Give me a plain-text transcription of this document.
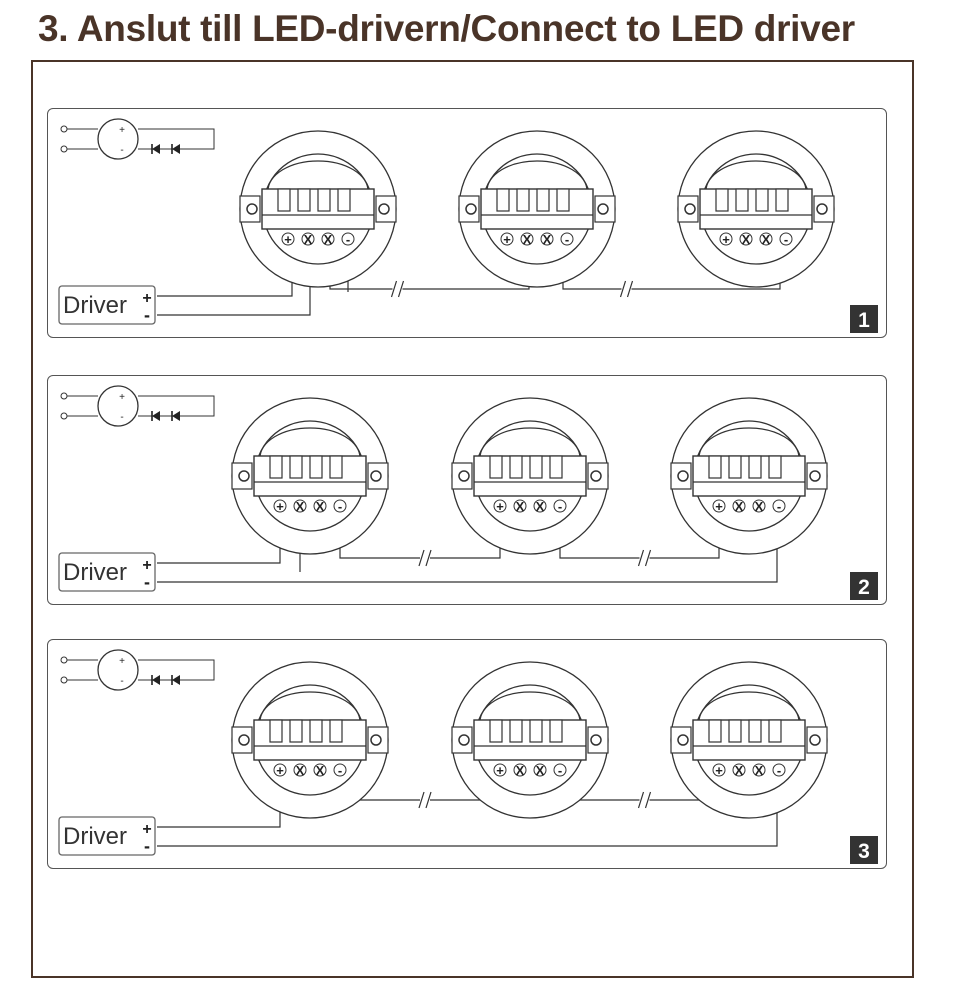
3. Anslut till LED-drivern/Connect to LED driver
+
-
+ X X -	+ X X -	+ X X -
Driver +
-	1
+
-
+ X X -	+ X X -	+ X X -
Driver +
-	2
+
-
+ X X -	+ X X -	+ X X -
Driver +
-	3
